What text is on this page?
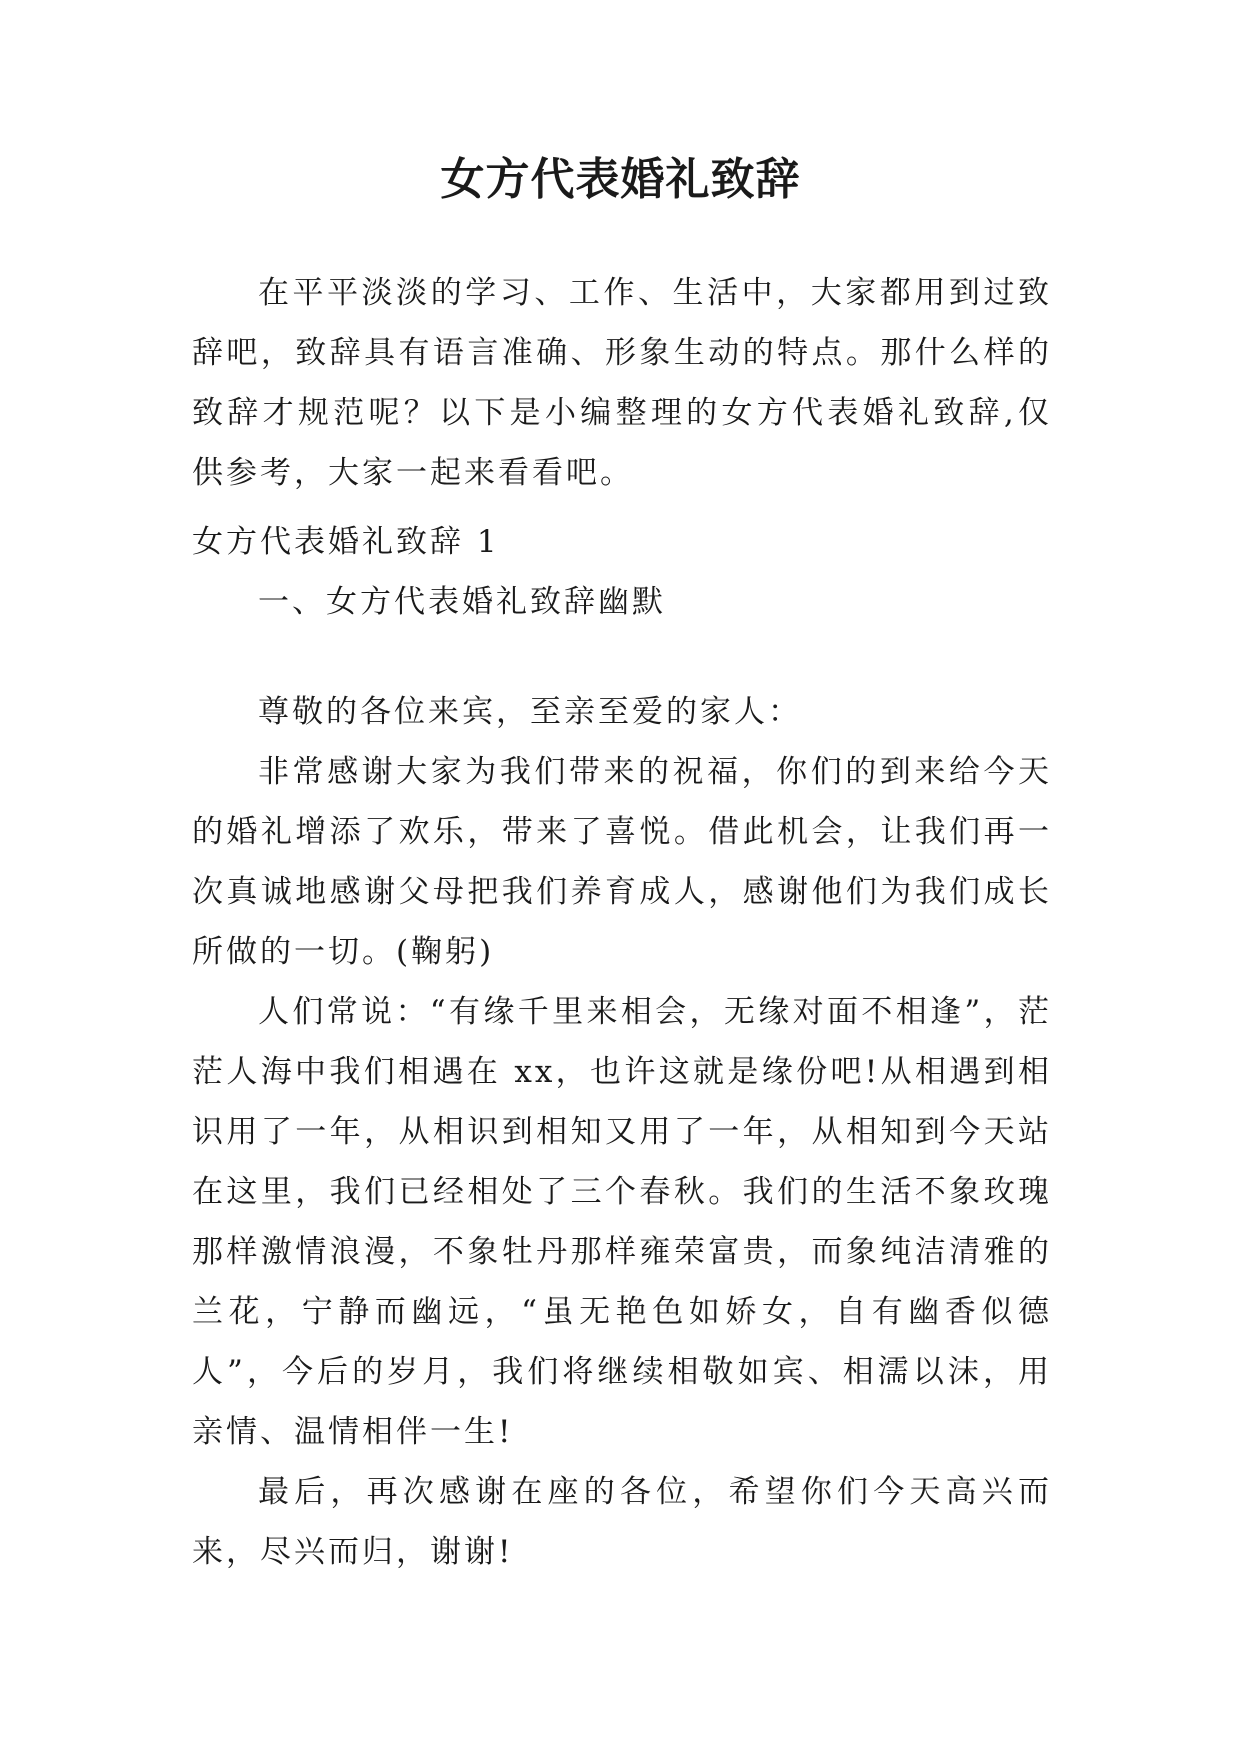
女方代表婚礼致辞

在平平淡淡的学习、工作、生活中，大家都用到过致辞吧，致辞具有语言准确、形象生动的特点。那什么样的致辞才规范呢？以下是小编整理的女方代表婚礼致辞,仅供参考，大家一起来看看吧。

女方代表婚礼致辞 1

一、女方代表婚礼致辞幽默

尊敬的各位来宾，至亲至爱的家人：

非常感谢大家为我们带来的祝福，你们的到来给今天的婚礼增添了欢乐，带来了喜悦。借此机会，让我们再一次真诚地感谢父母把我们养育成人，感谢他们为我们成长所做的一切。(鞠躬)

人们常说：“有缘千里来相会，无缘对面不相逢”，茫茫人海中我们相遇在 xx，也许这就是缘份吧!从相遇到相识用了一年，从相识到相知又用了一年，从相知到今天站在这里，我们已经相处了三个春秋。我们的生活不象玫瑰那样激情浪漫，不象牡丹那样雍荣富贵，而象纯洁清雅的兰花，宁静而幽远，“虽无艳色如娇女，自有幽香似德人”，今后的岁月，我们将继续相敬如宾、相濡以沫，用亲情、温情相伴一生!

最后，再次感谢在座的各位，希望你们今天高兴而来，尽兴而归，谢谢!
